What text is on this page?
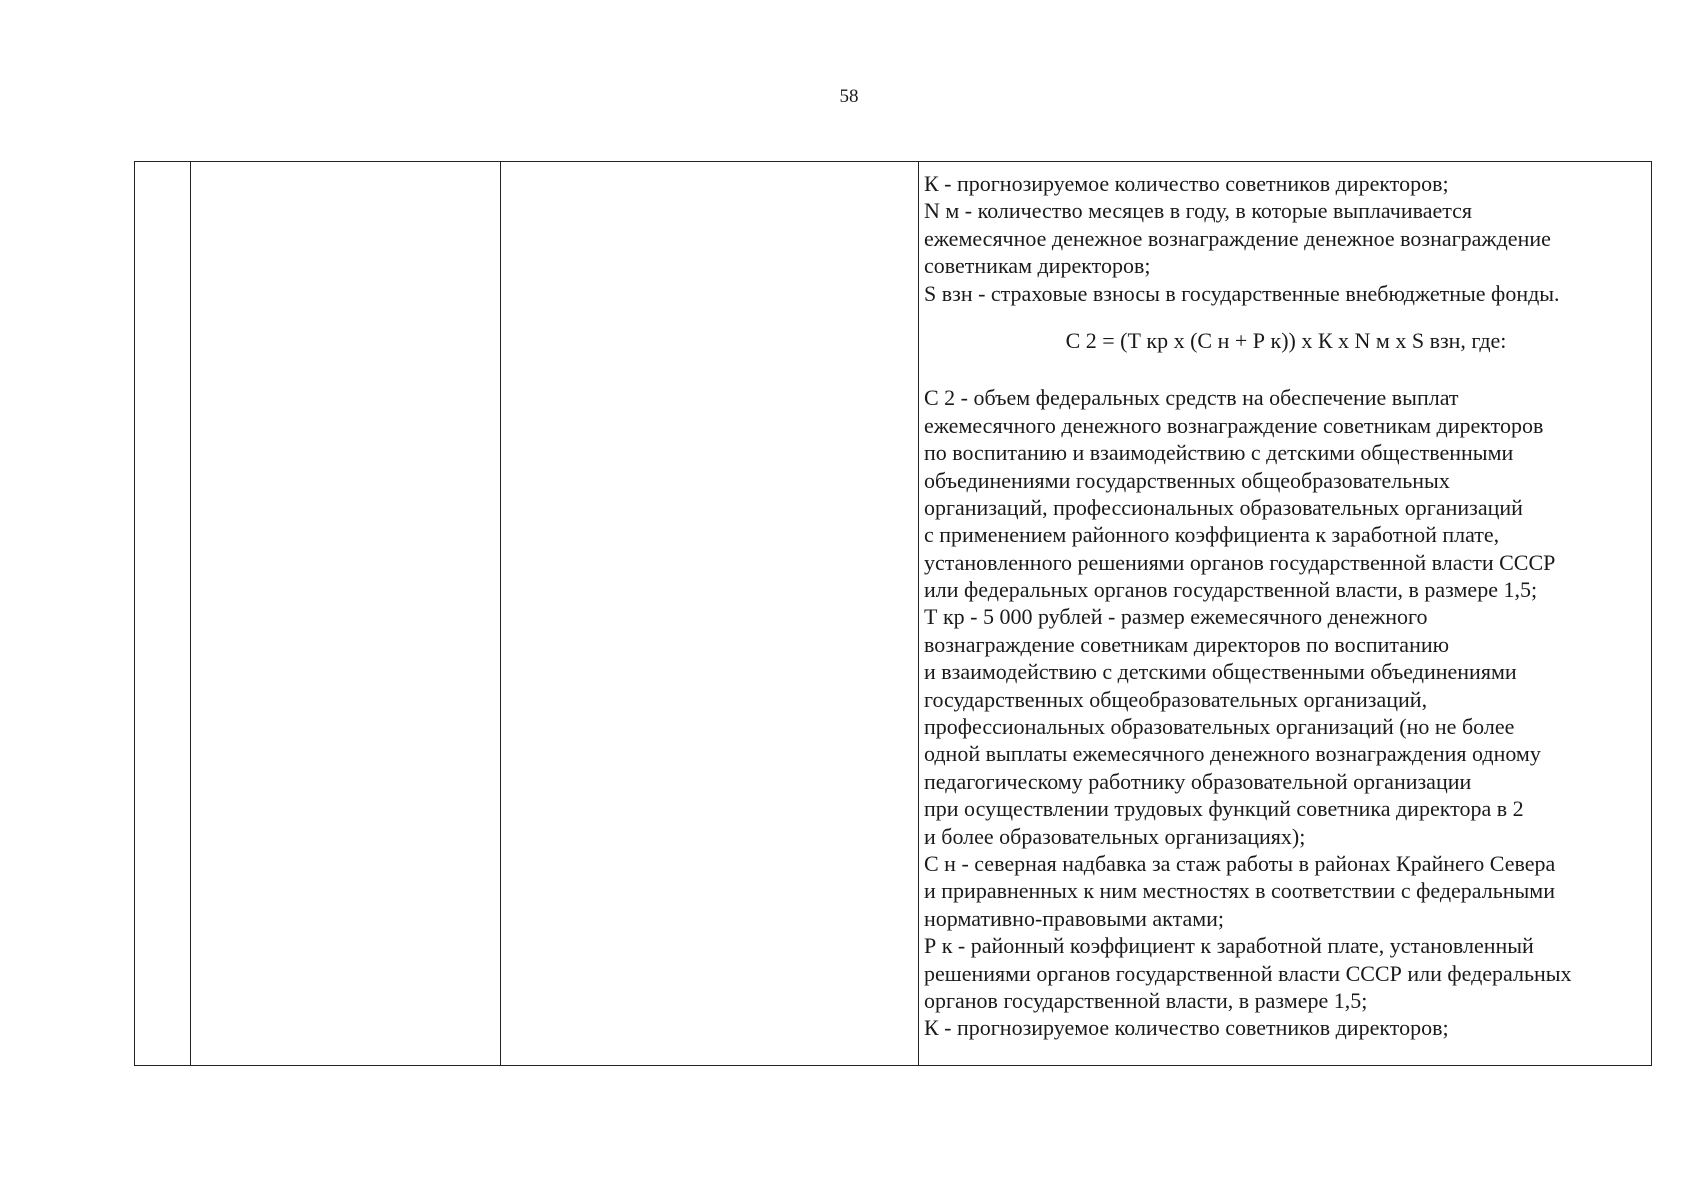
58
К - прогнозируемое количество советников директоров;
N м - количество месяцев в году, в которые выплачивается
ежемесячное денежное вознаграждение денежное вознаграждение
советникам директоров;
S взн - страховые взносы в государственные внебюджетные фонды.
С 2 = (Т кр х (С н + Р к)) х К х N м х S взн, где:
С 2 - объем федеральных средств на обеспечение выплат
ежемесячного денежного вознаграждение советникам директоров
по воспитанию и взаимодействию с детскими общественными
объединениями государственных общеобразовательных
организаций, профессиональных образовательных организаций
с применением районного коэффициента к заработной плате,
установленного решениями органов государственной власти СССР
или федеральных органов государственной власти, в размере 1,5;
Т кр - 5 000 рублей - размер ежемесячного денежного
вознаграждение советникам директоров по воспитанию
и взаимодействию с детскими общественными объединениями
государственных общеобразовательных организаций,
профессиональных образовательных организаций (но не более
одной выплаты ежемесячного денежного вознаграждения одному
педагогическому работнику образовательной организации
при осуществлении трудовых функций советника директора в 2
и более образовательных организациях);
С н - северная надбавка за стаж работы в районах Крайнего Севера
и приравненных к ним местностях в соответствии с федеральными
нормативно-правовыми актами;
Р к - районный коэффициент к заработной плате, установленный
решениями органов государственной власти СССР или федеральных
органов государственной власти, в размере 1,5;
К - прогнозируемое количество советников директоров;
